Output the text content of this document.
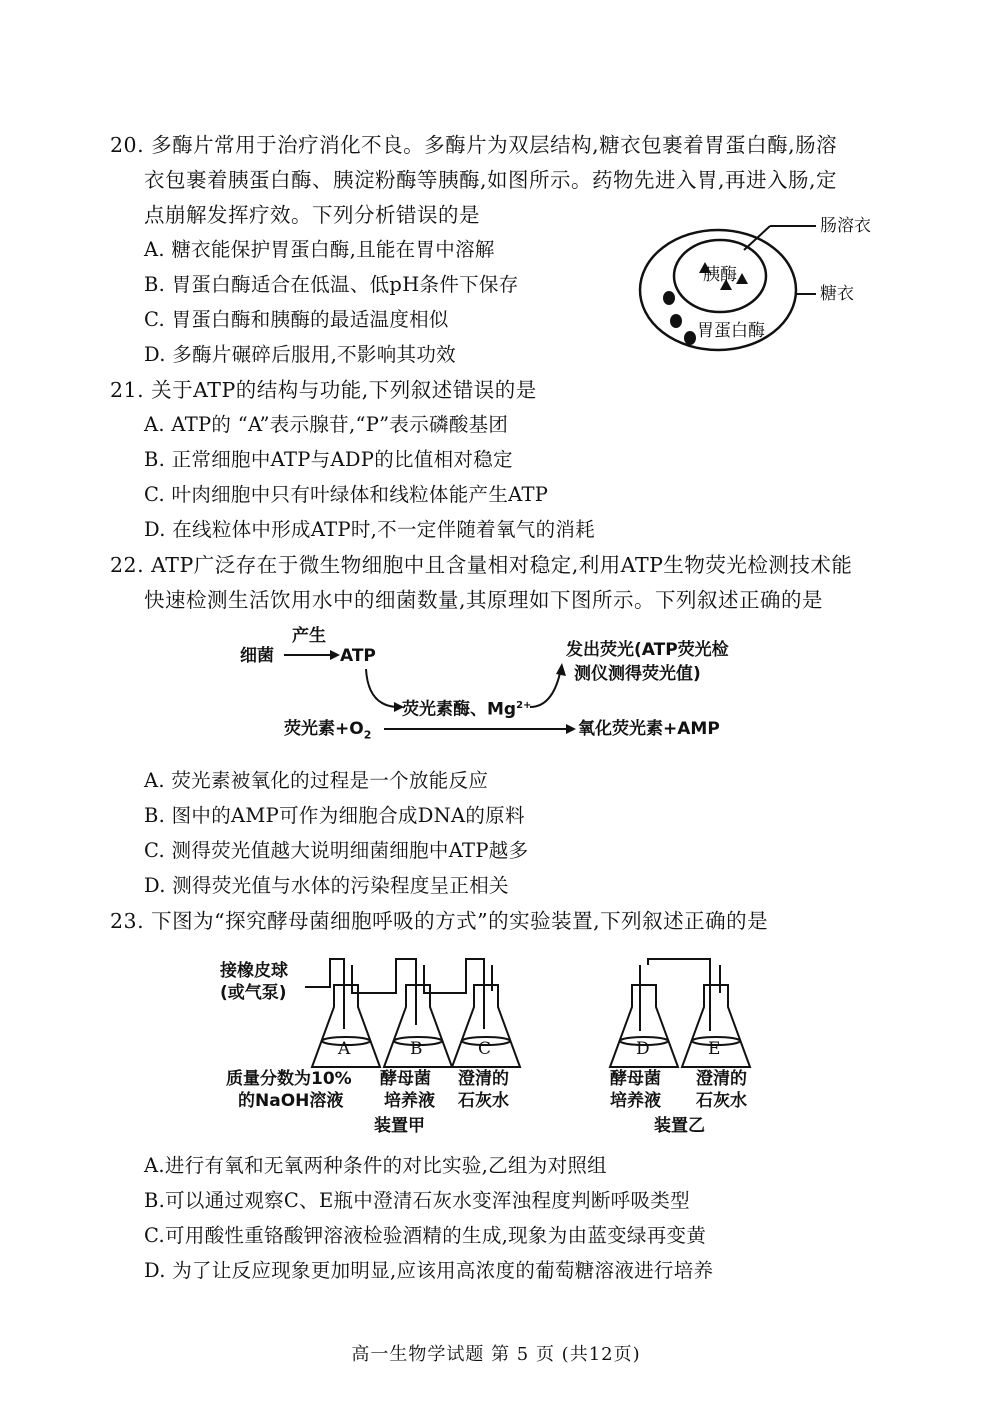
20. 多酶片常用于治疗消化不良。多酶片为双层结构,糖衣包裹着胃蛋白酶,肠溶
衣包裹着胰蛋白酶、胰淀粉酶等胰酶,如图所示。药物先进入胃,再进入肠,定
点崩解发挥疗效。下列分析错误的是
A. 糖衣能保护胃蛋白酶,且能在胃中溶解
B. 胃蛋白酶适合在低温、低pH条件下保存
C. 胃蛋白酶和胰酶的最适温度相似
D. 多酶片碾碎后服用,不影响其功效
肠溶衣
糖衣
胰酶
胃蛋白酶
21. 关于ATP的结构与功能,下列叙述错误的是
A. ATP的 “A”表示腺苷,“P”表示磷酸基团
B. 正常细胞中ATP与ADP的比值相对稳定
C. 叶肉细胞中只有叶绿体和线粒体能产生ATP
D. 在线粒体中形成ATP时,不一定伴随着氧气的消耗
22. ATP广泛存在于微生物细胞中且含量相对稳定,利用ATP生物荧光检测技术能
快速检测生活饮用水中的细菌数量,其原理如下图所示。下列叙述正确的是
细菌
产生
ATP	发出荧光(ATP荧光检
测仪测得荧光值)
荧光素酶、$Mg^{2+}$
荧光素$+O_2$	氧化荧光素+AMP
A. 荧光素被氧化的过程是一个放能反应
B. 图中的AMP可作为细胞合成DNA的原料
C. 测得荧光值越大说明细菌细胞中ATP越多
D. 测得荧光值与水体的污染程度呈正相关
23. 下图为“探究酵母菌细胞呼吸的方式”的实验装置,下列叙述正确的是
接橡皮球
(或气泵)
A	B	C	D	E
质量分数为10%
的NaOH溶液
酵母菌
培养液
澄清的
石灰水
装置甲
酵母菌
培养液
澄清的
石灰水
装置乙
A.进行有氧和无氧两种条件的对比实验,乙组为对照组
B.可以通过观察C、E瓶中澄清石灰水变浑浊程度判断呼吸类型
C.可用酸性重铬酸钾溶液检验酒精的生成,现象为由蓝变绿再变黄
D. 为了让反应现象更加明显,应该用高浓度的葡萄糖溶液进行培养
高一生物学试题 第 5 页 (共12页)
